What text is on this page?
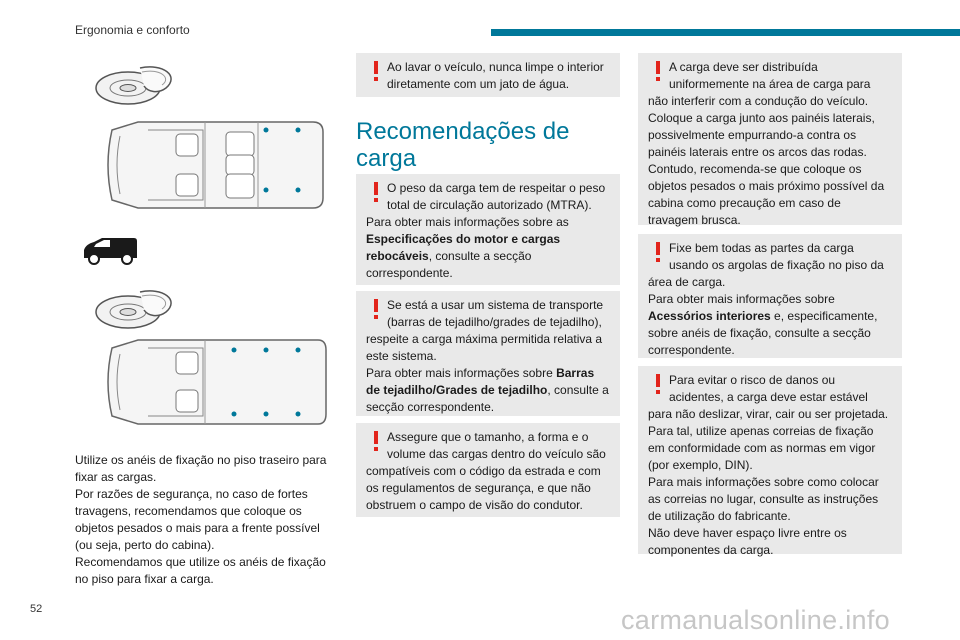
Ergonomia e conforto

Utilize os anéis de fixação no piso traseiro para fixar as cargas.

Por razões de segurança, no caso de fortes travagens, recomendamos que coloque os objetos pesados o mais para a frente possível (ou seja, perto do cabina).

Recomendamos que utilize os anéis de fixação no piso para fixar a carga.

Ao lavar o veículo, nunca limpe o interior

diretamente com um jato de água.

Recomendações de
carga

O peso da carga tem de respeitar o peso total de circulação autorizado (MTRA).

Para obter mais informações sobre as Especificações do motor e cargas rebocáveis, consulte a secção correspondente.

Se está a usar um sistema de transporte (barras de tejadilho/grades de tejadilho),

respeite a carga máxima permitida relativa a este sistema.

Para obter mais informações sobre Barras de tejadilho/Grades de tejadilho, consulte a secção correspondente.

Assegure que o tamanho, a forma e o volume das cargas dentro do veículo são

compatíveis com o código da estrada e com os regulamentos de segurança, e que não obstruem o campo de visão do condutor.

A carga deve ser distribuída uniformemente na área de carga para

não interferir com a condução do veículo. Coloque a carga junto aos painéis laterais, possivelmente empurrando-a contra os painéis laterais entre os arcos das rodas. Contudo, recomenda-se que coloque os objetos pesados o mais próximo possível da cabina como precaução em caso de travagem brusca.

Fixe bem todas as partes da carga usando os argolas de fixação no piso da

área de carga.

Para obter mais informações sobre Acessórios interiores e, especificamente, sobre anéis de fixação, consulte a secção correspondente.

Para evitar o risco de danos ou acidentes, a carga deve estar estável

para não deslizar, virar, cair ou ser projetada. Para tal, utilize apenas correias de fixação em conformidade com as normas em vigor (por exemplo, DIN).

Para mais informações sobre como colocar as correias no lugar, consulte as instruções de utilização do fabricante.

Não deve haver espaço livre entre os componentes da carga.

52	carmanualsonline.info
